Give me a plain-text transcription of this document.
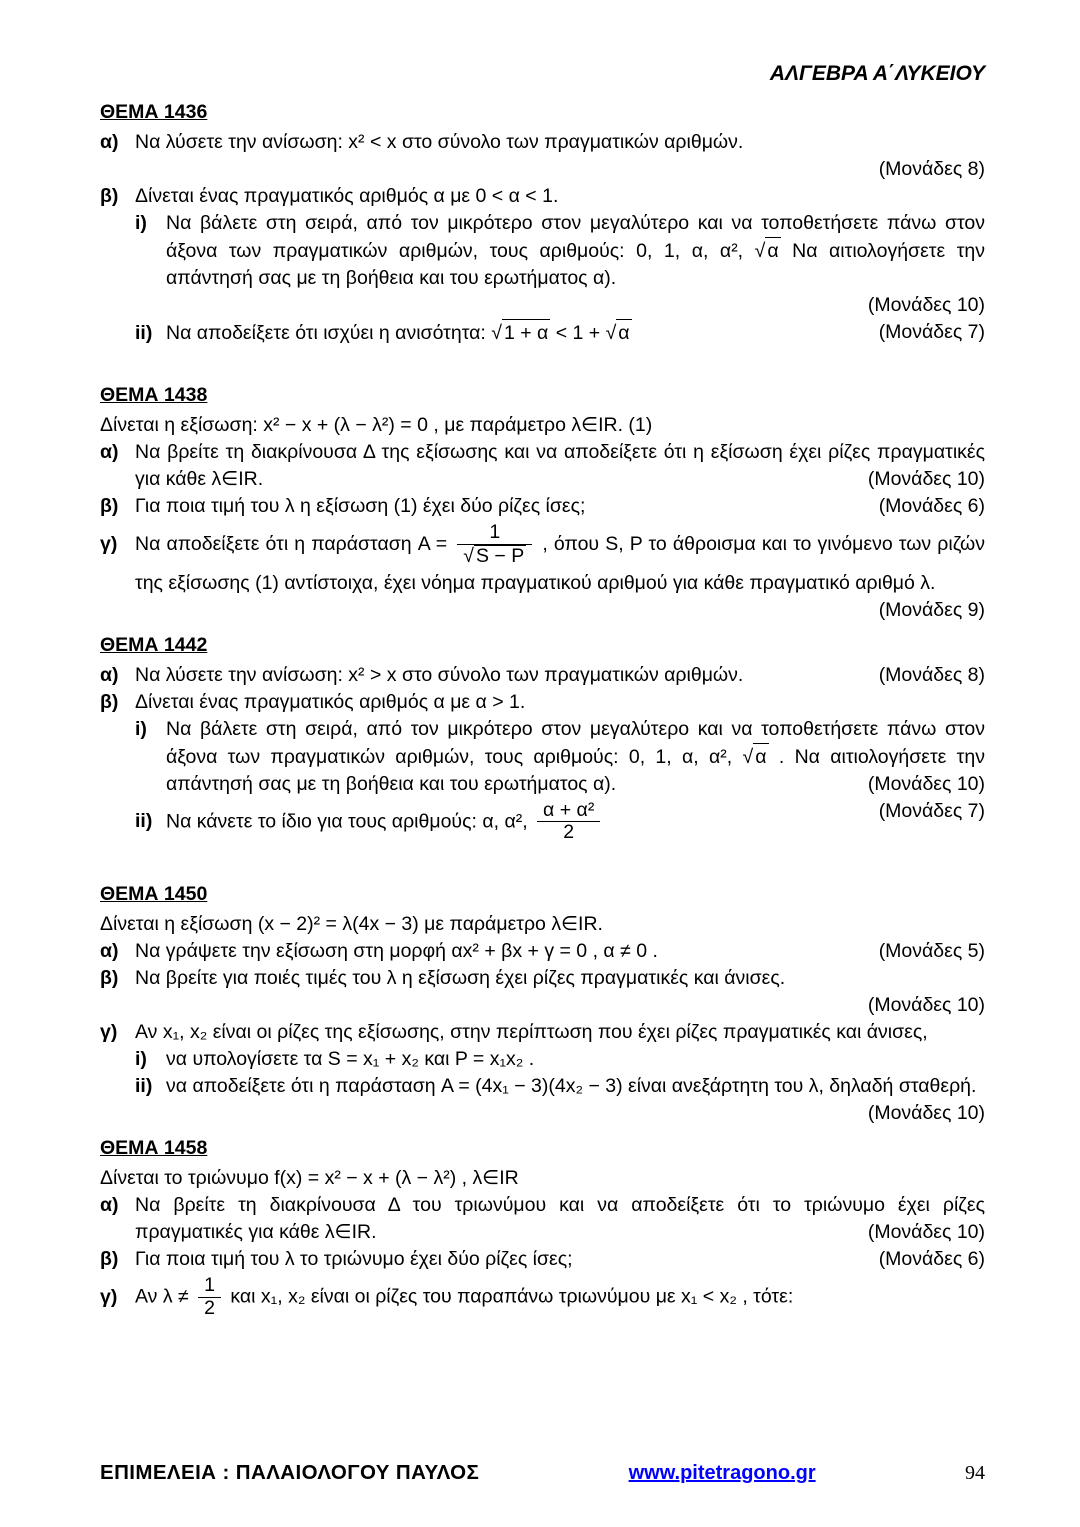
ΑΛΓΕΒΡΑ Α΄ΛΥΚΕΙΟΥ
ΘΕΜΑ 1436
α) Να λύσετε την ανίσωση: x² < x στο σύνολο των πραγματικών αριθμών.
(Μονάδες 8)
β) Δίνεται ένας πραγματικός αριθμός α με 0 < α < 1.
i) Να βάλετε στη σειρά, από τον μικρότερο στον μεγαλύτερο και να τοποθετήσετε πάνω στον άξονα των πραγματικών αριθμών, τους αριθμούς: 0, 1, α, α², √ α Να αιτιολογήσετε την απάντησή σας με τη βοήθεια και του ερωτήματος α).
(Μονάδες 10)
ii) Να αποδείξετε ότι ισχύει η ανισότητα: √ 1 + α < 1 + √ α	(Μονάδες 7)
ΘΕΜΑ 1438
Δίνεται η εξίσωση: x² − x + (λ − λ²) = 0 , με παράμετρο λ∈IR. (1)
α) Να βρείτε τη διακρίνουσα Δ της εξίσωσης και να αποδείξετε ότι η εξίσωση έχει ρίζες πραγματικές για κάθε λ∈IR.	(Μονάδες 10)
β) Για ποια τιμή του λ η εξίσωση (1) έχει δύο ρίζες ίσες;	(Μονάδες 6)
γ) Να αποδείξετε ότι η παράσταση $A = \frac{1}{√ S - P}$ , όπου S, P το άθροισμα και το γινόμενο των ριζών της εξίσωσης (1) αντίστοιχα, έχει νόημα πραγματικού αριθμού για κάθε πραγματικό αριθμό λ.
(Μονάδες 9)
ΘΕΜΑ 1442
α) Να λύσετε την ανίσωση: x² > x στο σύνολο των πραγματικών αριθμών.	(Μονάδες 8)
β) Δίνεται ένας πραγματικός αριθμός α με α > 1.
i) Να βάλετε στη σειρά, από τον μικρότερο στον μεγαλύτερο και να τοποθετήσετε πάνω στον άξονα των πραγματικών αριθμών, τους αριθμούς: 0, 1, α, α², √ α . Να αιτιολογήσετε την απάντησή σας με τη βοήθεια και του ερωτήματος α).	(Μονάδες 10)
ii) Να κάνετε το ίδιο για τους αριθμούς: α, α², $\frac{\text{α + α²}}{2}$	(Μονάδες 7)
ΘΕΜΑ 1450
Δίνεται η εξίσωση (x − 2)² = λ(4x − 3) με παράμετρο λ∈IR.
α) Να γράψετε την εξίσωση στη μορφή αx² + βx + γ = 0 , α ≠ 0 .	(Μονάδες 5)
β) Να βρείτε για ποιές τιμές του λ η εξίσωση έχει ρίζες πραγματικές και άνισες.
(Μονάδες 10)
γ) Αν x₁, x₂ είναι οι ρίζες της εξίσωσης, στην περίπτωση που έχει ρίζες πραγματικές και άνισες,
i) να υπολογίσετε τα S = x₁ + x₂ και P = x₁x₂ .
ii) να αποδείξετε ότι η παράσταση A = (4x₁ − 3)(4x₂ − 3) είναι ανεξάρτητη του λ, δηλαδή σταθερή.
(Μονάδες 10)
ΘΕΜΑ 1458
Δίνεται το τριώνυμο f(x) = x² − x + (λ − λ²) , λ∈IR
α) Να βρείτε τη διακρίνουσα Δ του τριωνύμου και να αποδείξετε ότι το τριώνυμο έχει ρίζες πραγματικές για κάθε λ∈IR.	(Μονάδες 10)
β) Για ποια τιμή του λ το τριώνυμο έχει δύο ρίζες ίσες;	(Μονάδες 6)
γ) Αν $\lambda \ne \frac{1}{2}$ και x₁, x₂ είναι οι ρίζες του παραπάνω τριωνύμου με x₁ < x₂ , τότε:
ΕΠΙΜΕΛΕΙΑ : ΠΑΛΑΙΟΛΟΓΟΥ ΠΑΥΛΟΣ	www.pitetragono.gr	94
